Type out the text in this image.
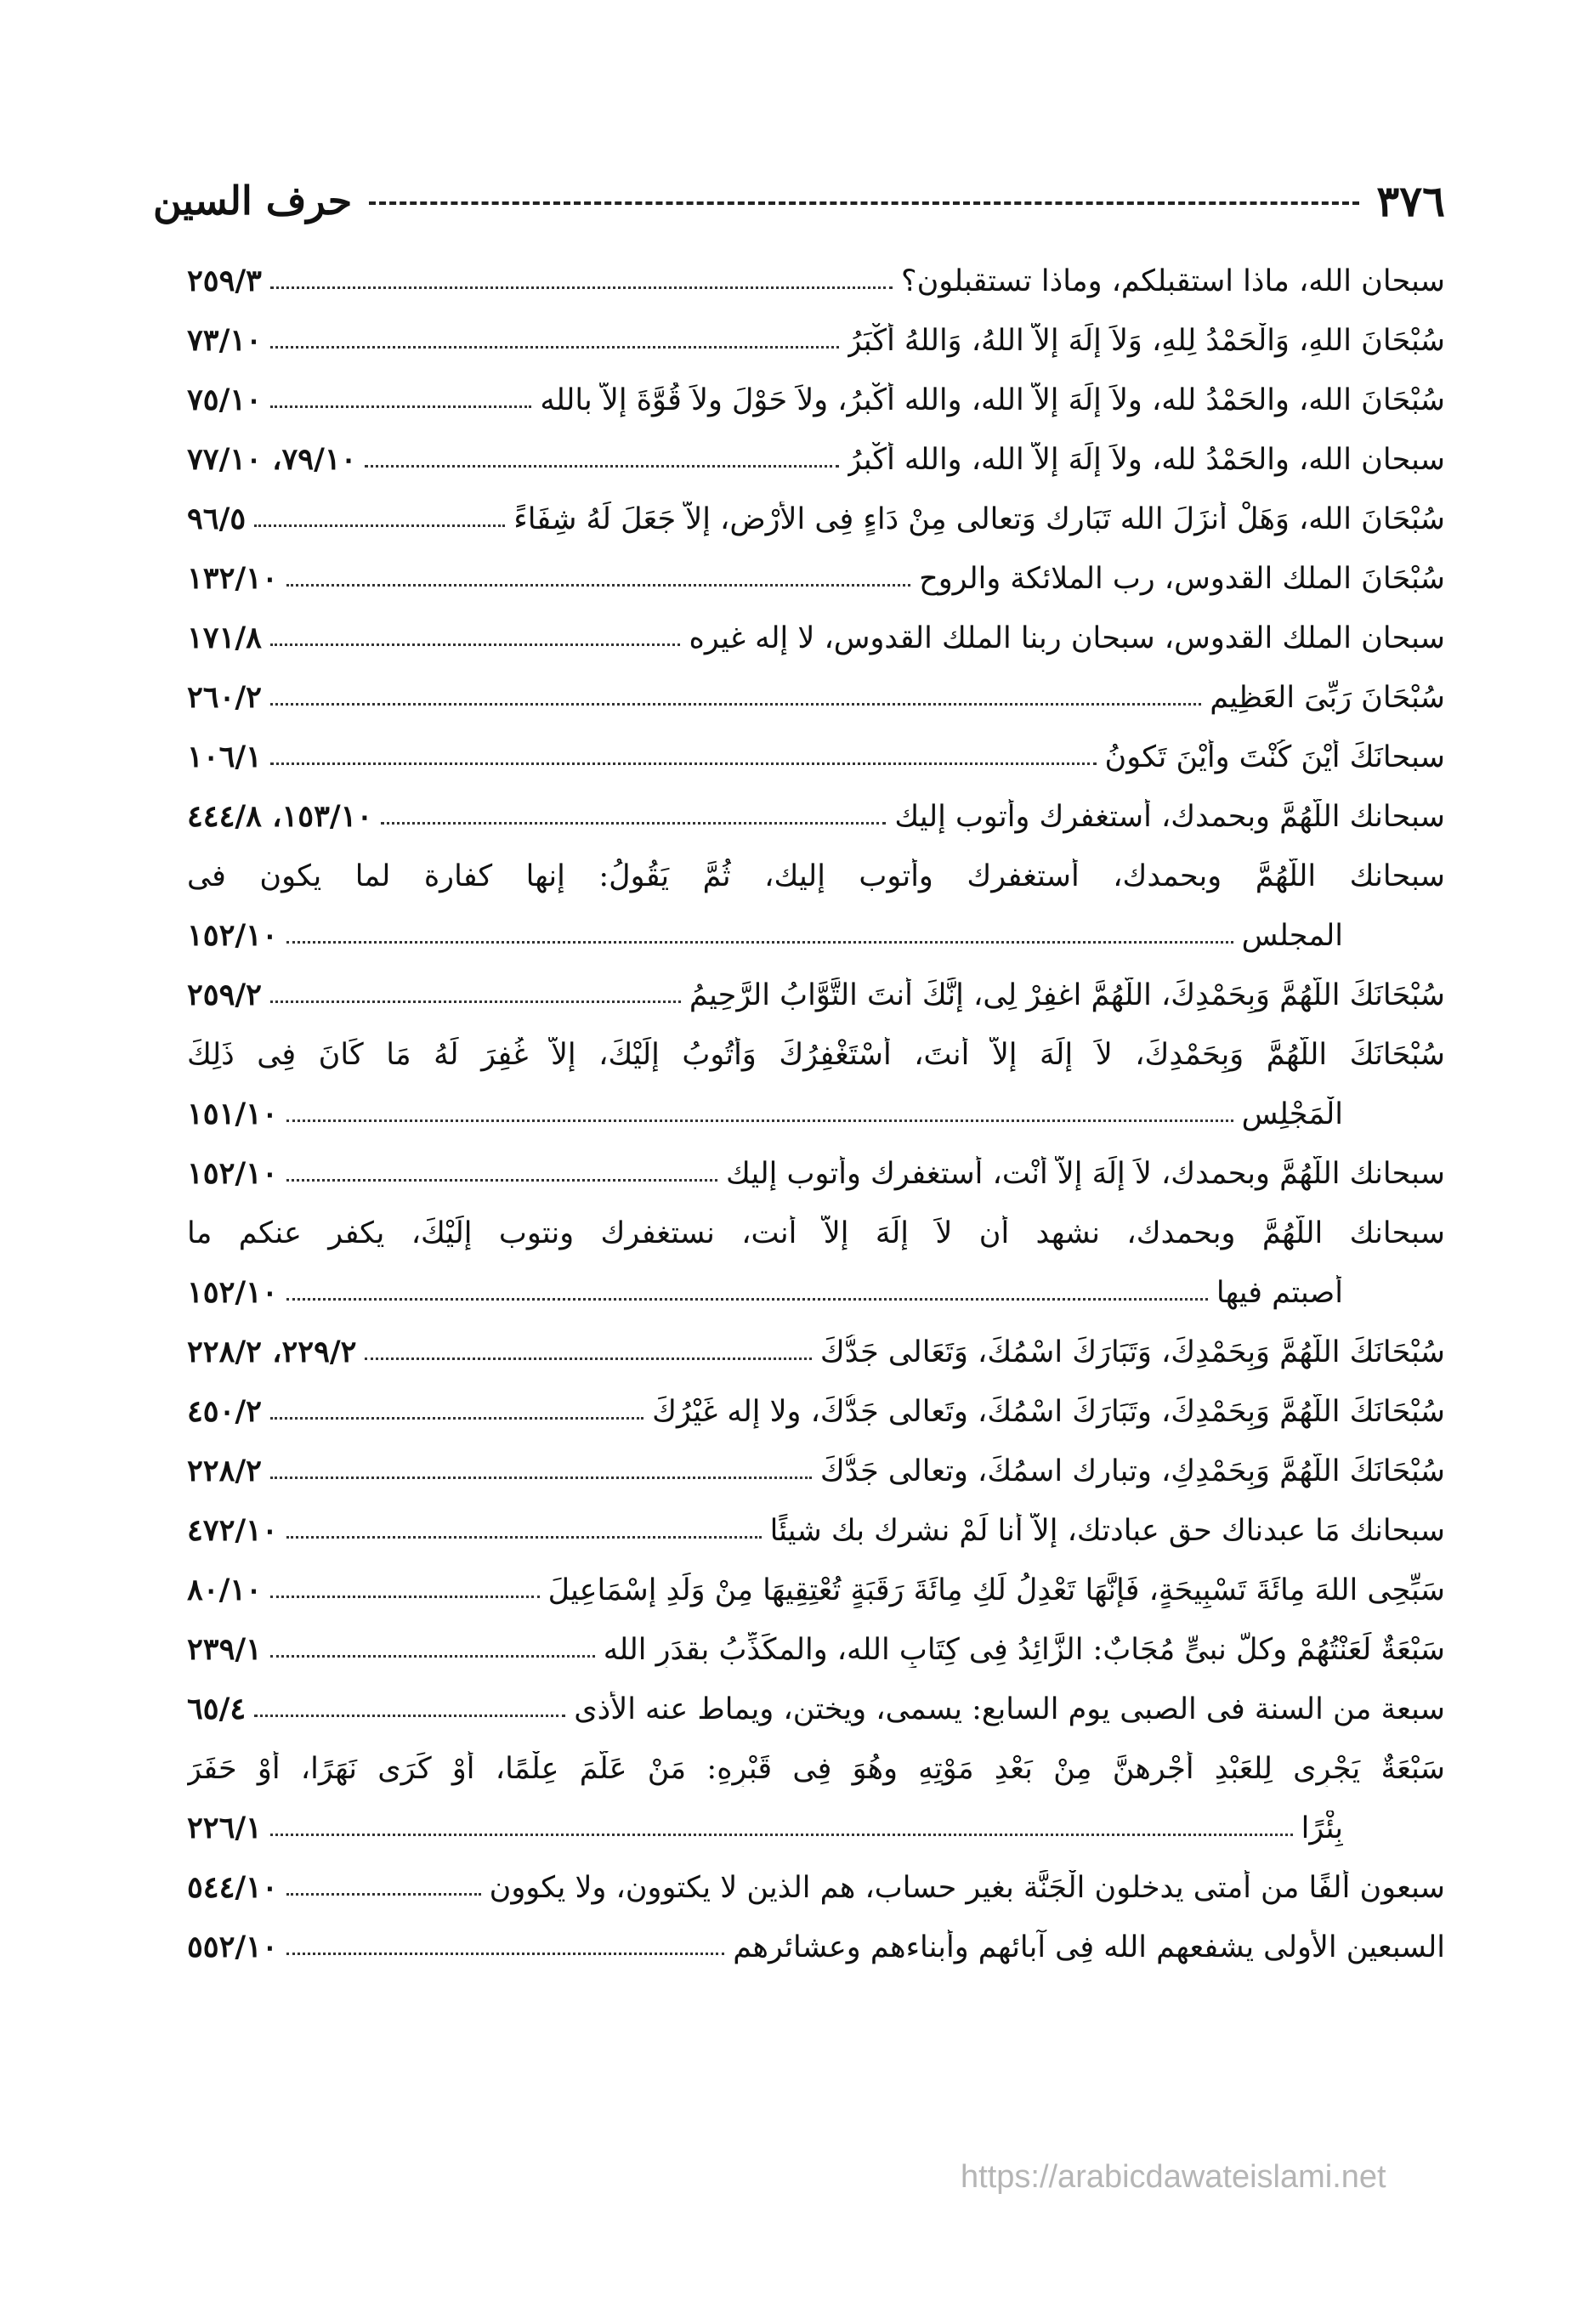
٣٧٦
حرف السين
سبحان الله، ماذا استقبلكم، وماذا تستقبلون؟
٢٥٩/٣
سُبْحَانَ اللهِ، وَالْحَمْدُ لِلهِ، وَلاَ إِلَهَ إِلاَّ اللهُ، وَاللهُ أَكْبَرُ
٧٣/١٠
سُبْحَانَ الله، والحَمْدُ لله، ولاَ إِلَهَ إِلاَّ الله، والله أكْبرُ، ولاَ حَوْلَ ولاَ قُوَّةَ إلاَّ بالله
٧٥/١٠
سبحان الله، والحَمْدُ لله، ولاَ إلَهَ إلاَّ الله، والله أكْبرُ
٧٩/١٠، ٧٧/١٠
سُبْحَانَ الله، وَهَلْ أَنزَلَ الله تَبَارك وَتعالى مِنْ دَاءٍ فِى الأرْضِ، إلاَّ جَعَلَ لَهُ شِفَاءً
٩٦/٥
سُبْحَانَ الملك القدوس، رب الملائكة والروح
١٣٢/١٠
سبحان الملك القدوس، سبحان ربنا الملك القدوس، لا إله غيره
١٧١/٨
سُبْحَانَ رَبِّىَ العَظِيمِ
٢٦٠/٢
سبحانَكَ أَيْنَ كُنْتَ وأَيْنَ تَكونُ
١٠٦/١
سبحانك اللَّهُمَّ وبحمدك، أستغفرك وأتوب إليك
١٥٣/١٠، ٤٤٤/٨
سبحانك اللَّهُمَّ وبحمدك، أستغفرك وأتوب إليك، ثُمَّ يَقُولُ: إنها كفارة لما يكون فى
المجلس
١٥٢/١٠
سُبْحَانَكَ اللَّهُمَّ وَبِحَمْدِكَ، اللَّهُمَّ اغفِرْ لِى، إِنَّكَ أَنتَ التَّوَّابُ الرَّحِيمُ
٢٥٩/٢
سُبْحَانَكَ اللَّهُمَّ وَبِحَمْدِكَ، لاَ إِلَهَ إِلاَّ أَنتَ، أَسْتَغْفِرُكَ وَأَتُوبُ إِلَيْكَ، إِلاَّ غُفِرَ لَهُ مَا كَانَ فِى ذَلِكَ
الْمَجْلِسِ
١٥١/١٠
سبحانك اللَّهُمَّ وبحمدك، لاَ إِلَهَ إلاَّ أَنْت، أستغفرك وأتوب إليك
١٥٢/١٠
سبحانك اللَّهُمَّ وبحمدك، نشهد أن لاَ إلَهَ إلاَّ أنت، نستغفرك ونتوب إِلَيْكَ، يكفر عنكم ما
أصبتم فيها
١٥٢/١٠
سُبْحَانَكَ اللَّهُمَّ وَبِحَمْدِكَ، وَتَبَارَكَ اسْمُكَ، وَتَعَالى جَدُّكَ
٢٢٩/٢، ٢٢٨/٢
سُبْحَانَكَ اللَّهُمَّ وَبِحَمْدِكَ، وتَبَارَكَ اسْمُكَ، وتَعالى جَدُّكَ، ولا إله غَيْرُكَ
٤٥٠/٢
سُبْحَانَكَ اللَّهُمَّ وَبِحَمْدِكِ، وتبارك اسمُكَ، وتعالى جَدُّكَ
٢٢٨/٢
سبحانك مَا عبدناك حق عبادتك، إلاَّ أنا لَمْ نشرك بك شيئًا
٤٧٢/١٠
سَبِّحِى اللهَ مِائَةَ تَسْبِيحَةٍ، فَإِنَّهَا تَعْدِلُ لَكِ مِائَةَ رَقَبَةٍ تُعْتِقِيهَا مِنْ وَلَدِ إِسْمَاعِيلَ
٨٠/١٠
سَبْعَةٌ لَعَنْتُهُمْ وكلُّ نبىٍّ مُجَابٌ: الزَّائِدُ فِى كِتَابِ الله، والمكَذِّبُ بقدَرِ الله
٢٣٩/١
سبعة من السنة فى الصبى يوم السابع: يسمى، ويختن، ويماط عنه الأذى
٦٥/٤
سَبْعَةٌ يَجْرِى لِلعَبْدِ أجْرهنَّ مِنْ بَعْدِ مَوْتِهِ وهُوَ فِى قَبْرِهِ: مَنْ عَلَّمَ عِلْمًا، أَوْ كَرَى نَهَرًا، أَوْ حَفَرَ
بِئْرًا
٢٢٦/١
سبعون ألفًا من أمتى يدخلون الْجَنَّة بغير حساب، هم الذين لا يكتوون، ولا يكوون
٥٤٤/١٠
السبعين الأولى يشفعهم الله فِى آبائهم وأبناءهم وعشائرهم
٥٥٢/١٠
https://arabicdawateislami.net
